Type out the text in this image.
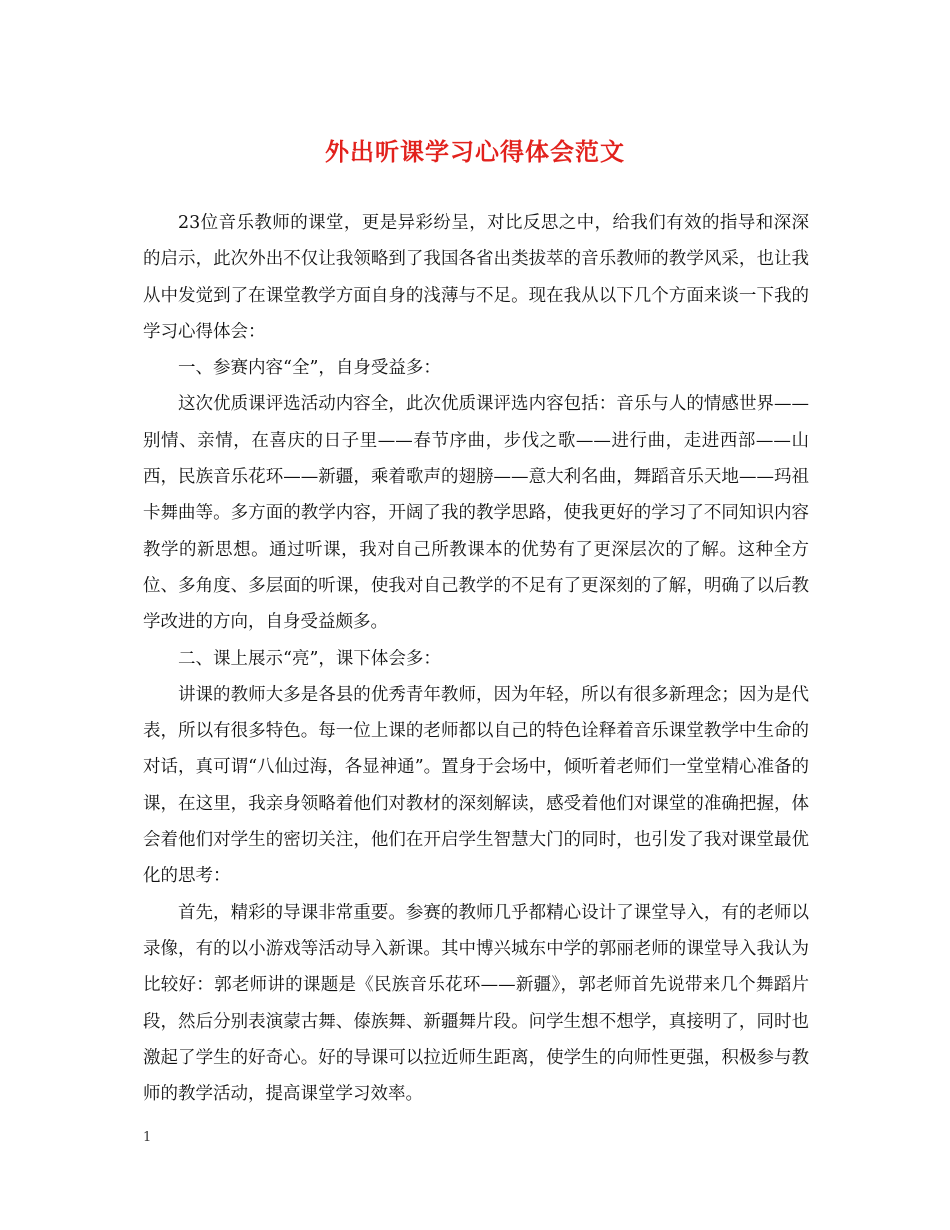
外出听课学习心得体会范文

23位音乐教师的课堂，更是异彩纷呈，对比反思之中，给我们有效的指导和深深的启示，此次外出不仅让我领略到了我国各省出类拔萃的音乐教师的教学风采，也让我从中发觉到了在课堂教学方面自身的浅薄与不足。现在我从以下几个方面来谈一下我的学习心得体会：

一、参赛内容“全”，自身受益多：

这次优质课评选活动内容全，此次优质课评选内容包括：音乐与人的情感世界——别情、亲情，在喜庆的日子里——春节序曲，步伐之歌——进行曲，走进西部——山西，民族音乐花环——新疆，乘着歌声的翅膀——意大利名曲，舞蹈音乐天地——玛祖卡舞曲等。多方面的教学内容，开阔了我的教学思路，使我更好的学习了不同知识内容教学的新思想。通过听课，我对自己所教课本的优势有了更深层次的了解。这种全方位、多角度、多层面的听课，使我对自己教学的不足有了更深刻的了解，明确了以后教学改进的方向，自身受益颇多。

二、课上展示“亮”，课下体会多：

讲课的教师大多是各县的优秀青年教师，因为年轻，所以有很多新理念；因为是代表，所以有很多特色。每一位上课的老师都以自己的特色诠释着音乐课堂教学中生命的对话，真可谓“八仙过海，各显神通”。置身于会场中，倾听着老师们一堂堂精心准备的课，在这里，我亲身领略着他们对教材的深刻解读，感受着他们对课堂的准确把握，体会着他们对学生的密切关注，他们在开启学生智慧大门的同时，也引发了我对课堂最优化的思考：

首先，精彩的导课非常重要。参赛的教师几乎都精心设计了课堂导入，有的老师以录像，有的以小游戏等活动导入新课。其中博兴城东中学的郭丽老师的课堂导入我认为比较好：郭老师讲的课题是《民族音乐花环——新疆》，郭老师首先说带来几个舞蹈片段，然后分别表演蒙古舞、傣族舞、新疆舞片段。问学生想不想学，真接明了，同时也激起了学生的好奇心。好的导课可以拉近师生距离，使学生的向师性更强，积极参与教师的教学活动，提高课堂学习效率。

1
